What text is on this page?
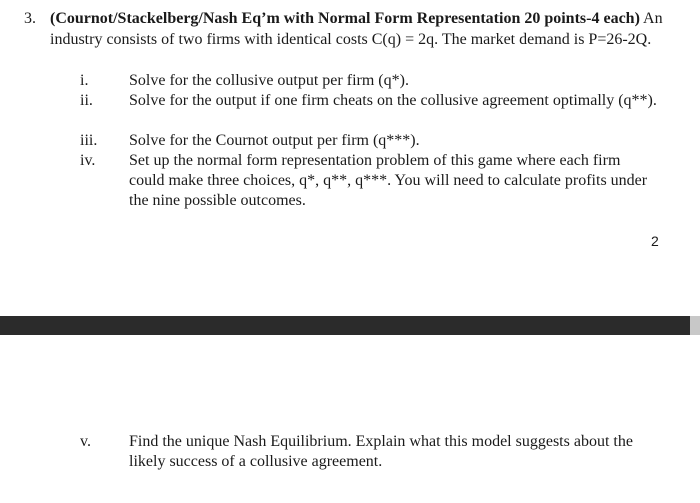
3. (Cournot/Stackelberg/Nash Eq’m with Normal Form Representation 20 points-4 each) An industry consists of two firms with identical costs C(q) = 2q. The market demand is P=26-2Q.
i.	Solve for the collusive output per firm (q*).
ii. Solve for the output if one firm cheats on the collusive agreement optimally (q**).
iii. Solve for the Cournot output per firm (q***).
iv. Set up the normal form representation problem of this game where each firm could make three choices, q*, q**, q***. You will need to calculate profits under the nine possible outcomes.
2
v. Find the unique Nash Equilibrium. Explain what this model suggests about the likely success of a collusive agreement.
